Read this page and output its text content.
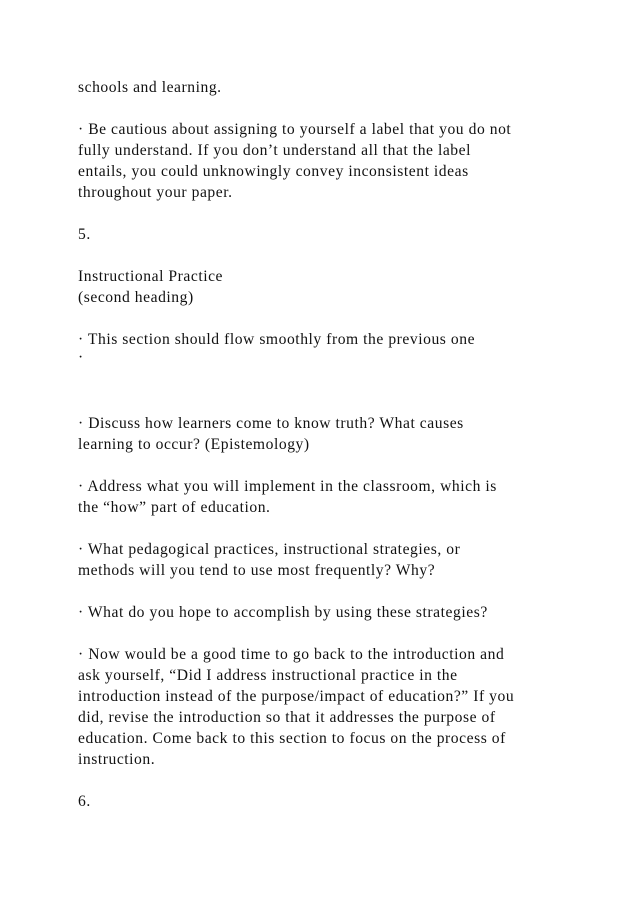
schools and learning.

· Be cautious about assigning to yourself a label that you do not

fully understand. If you don’t understand all that the label

entails, you could unknowingly convey inconsistent ideas

throughout your paper.

5.

Instructional Practice

(second heading)

· This section should flow smoothly from the previous one

·

· Discuss how learners come to know truth? What causes

learning to occur? (Epistemology)

· Address what you will implement in the classroom, which is

the “how” part of education.

· What pedagogical practices, instructional strategies, or

methods will you tend to use most frequently? Why?

· What do you hope to accomplish by using these strategies?

· Now would be a good time to go back to the introduction and

ask yourself, “Did I address instructional practice in the

introduction instead of the purpose/impact of education?” If you

did, revise the introduction so that it addresses the purpose of

education. Come back to this section to focus on the process of

instruction.

6.
